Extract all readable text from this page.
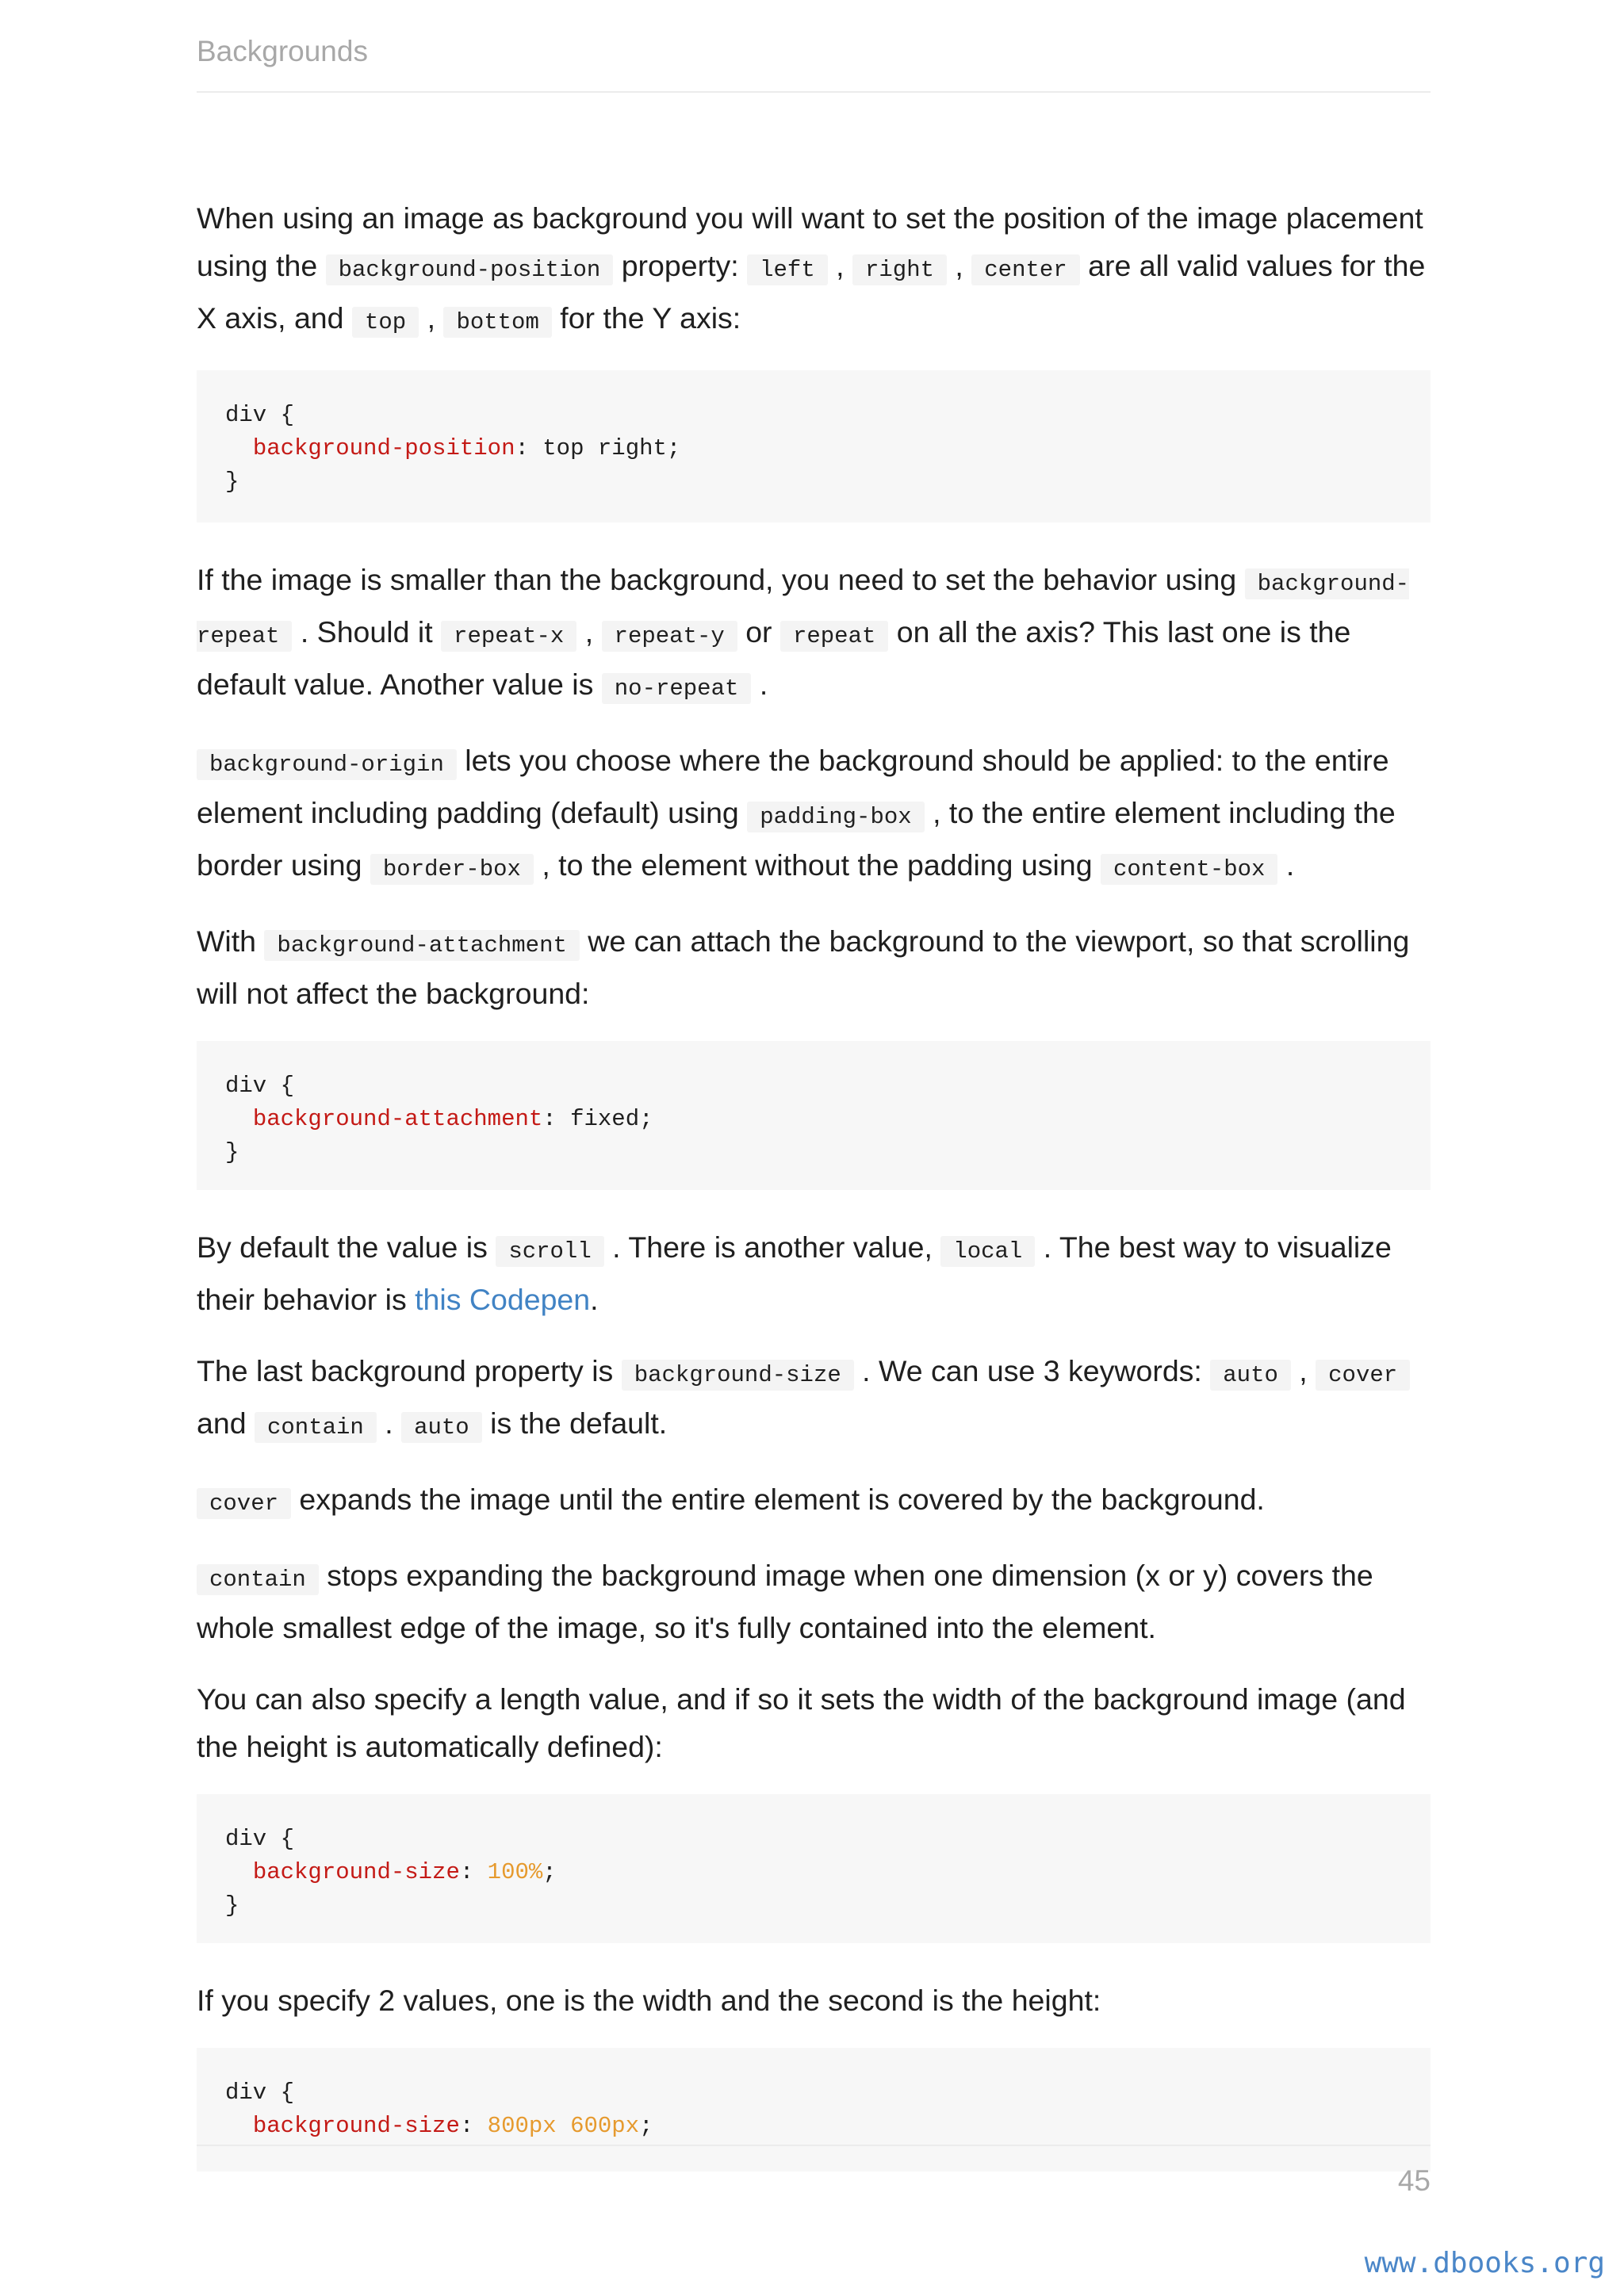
Backgrounds

When using an image as background you will want to set the position of the image placement using the background-position property: left , right , center are all valid values for the X axis, and top , bottom for the Y axis:

div {
background-position: top right;
}

If the image is smaller than the background, you need to set the behavior using background-repeat . Should it repeat-x , repeat-y or repeat on all the axis? This last one is the default value. Another value is no-repeat .

background-origin lets you choose where the background should be applied: to the entire element including padding (default) using padding-box , to the entire element including the border using border-box , to the element without the padding using content-box .

With background-attachment we can attach the background to the viewport, so that scrolling will not affect the background:

div {
background-attachment: fixed;
}

By default the value is scroll . There is another value, local . The best way to visualize their behavior is this Codepen.

The last background property is background-size . We can use 3 keywords: auto , cover and contain . auto is the default.

cover expands the image until the entire element is covered by the background.

contain stops expanding the background image when one dimension (x or y) covers the whole smallest edge of the image, so it's fully contained into the element.

You can also specify a length value, and if so it sets the width of the background image (and the height is automatically defined):

div {
background-size: 100%;
}

If you specify 2 values, one is the width and the second is the height:

div {
background-size: 800px 600px;
45
www.dbooks.org
